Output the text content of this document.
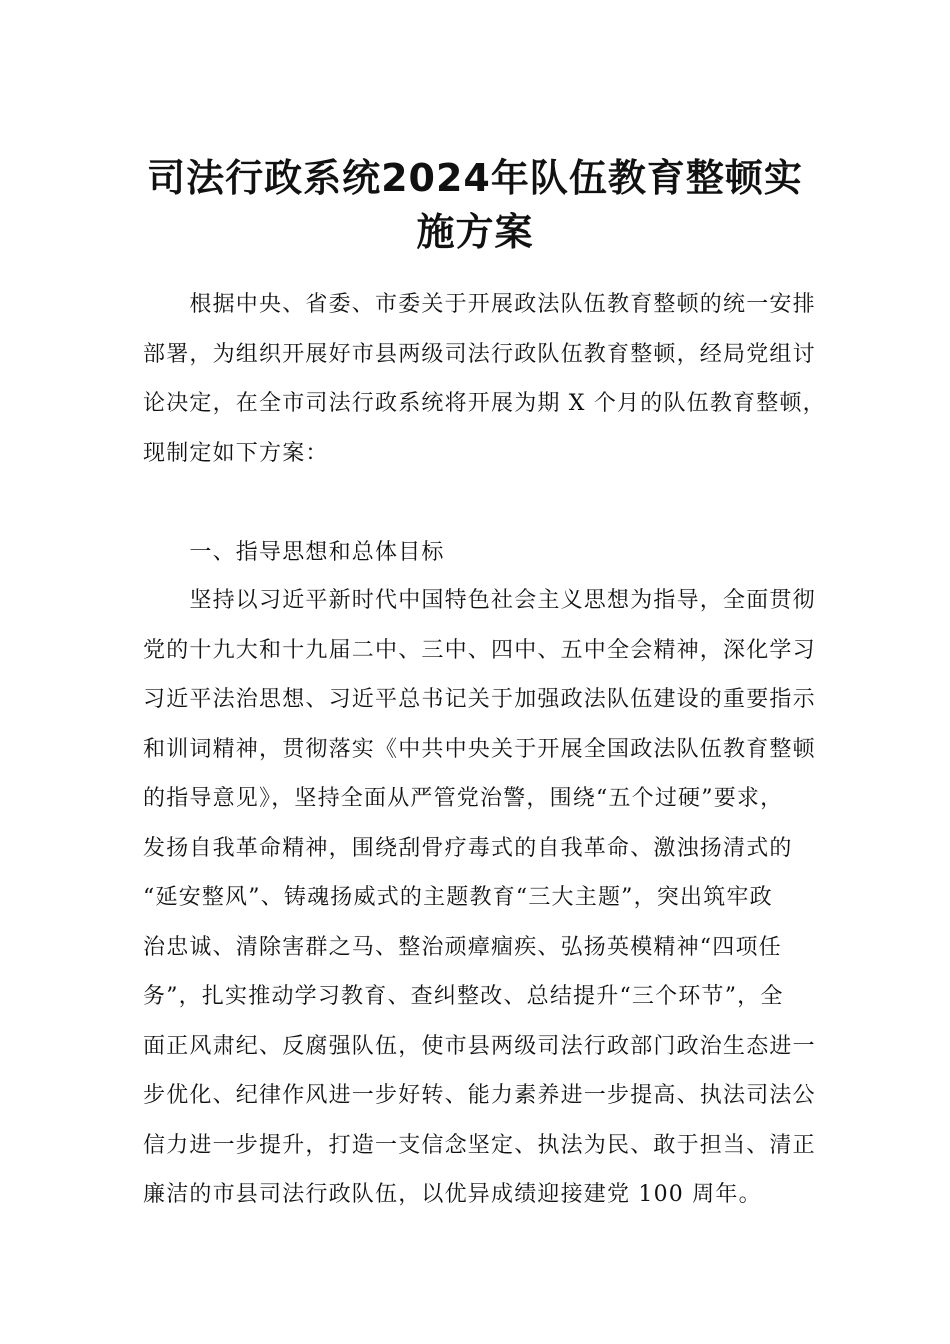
司法行政系统2024年队伍教育整顿实
施方案

　　根据中央、省委、市委关于开展政法队伍教育整顿的统一安排
部署，为组织开展好市县两级司法行政队伍教育整顿，经局党组讨
论决定，在全市司法行政系统将开展为期 X 个月的队伍教育整顿，
现制定如下方案：

　　一、指导思想和总体目标

　　坚持以习近平新时代中国特色社会主义思想为指导，全面贯彻
党的十九大和十九届二中、三中、四中、五中全会精神，深化学习
习近平法治思想、习近平总书记关于加强政法队伍建设的重要指示
和训词精神，贯彻落实《中共中央关于开展全国政法队伍教育整顿
的指导意见》，坚持全面从严管党治警，围绕“五个过硬”要求，
发扬自我革命精神，围绕刮骨疗毒式的自我革命、激浊扬清式的
“延安整风”、铸魂扬威式的主题教育“三大主题”，突出筑牢政
治忠诚、清除害群之马、整治顽瘴痼疾、弘扬英模精神“四项任
务”，扎实推动学习教育、查纠整改、总结提升“三个环节”，全
面正风肃纪、反腐强队伍，使市县两级司法行政部门政治生态进一
步优化、纪律作风进一步好转、能力素养进一步提高、执法司法公
信力进一步提升，打造一支信念坚定、执法为民、敢于担当、清正
廉洁的市县司法行政队伍，以优异成绩迎接建党 100 周年。
